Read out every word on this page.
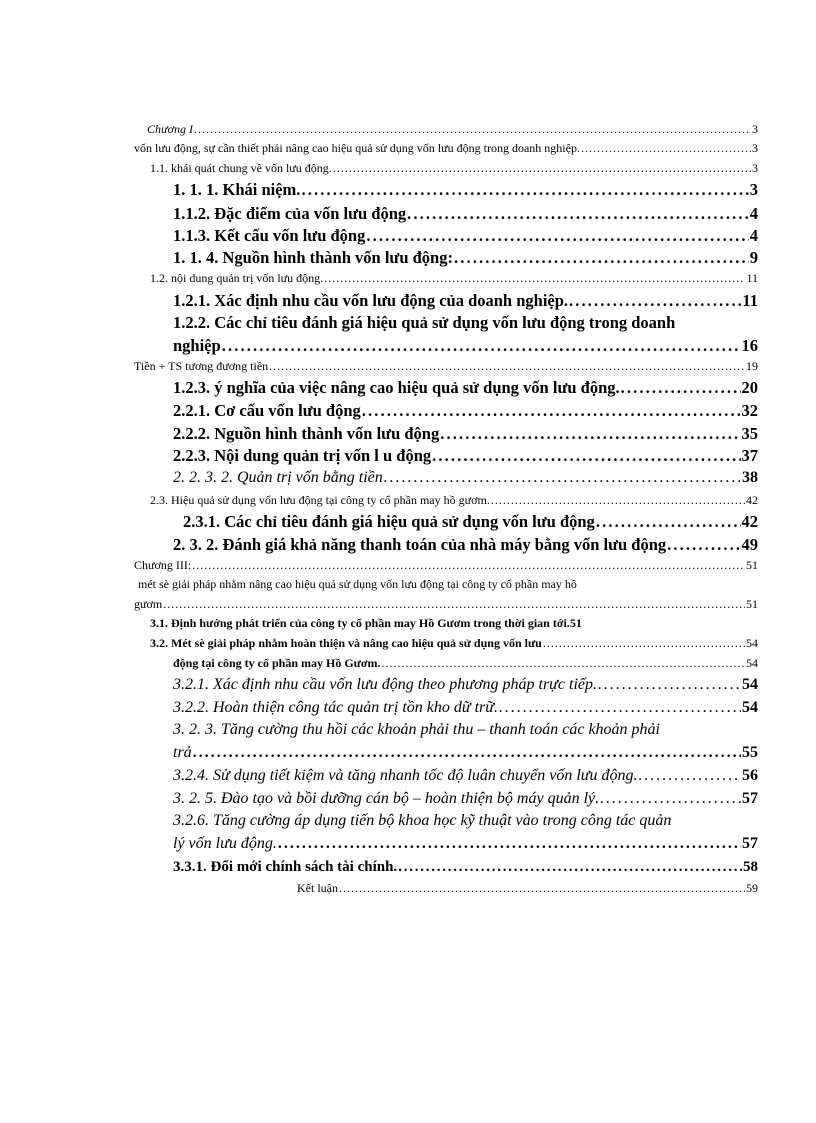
Chương I . . .	3
vốn lưu động, sự cần thiết phải nâng cao hiệu quả sử dụng vốn lưu động trong doanh nghiệp. . . .	3
1.1. khái quát chung về vốn lưu động. . . .	3
1. 1. 1. Khái niệm. . . .	3
1.1.2. Đặc điểm của vốn lưu động . . .	4
1.1.3. Kết cấu vốn lưu động . . .	4
1. 1. 4. Nguồn hình thành vốn lưu động: . . .	9
1.2. nội dung quản trị vốn lưu động. . . .	11
1.2.1. Xác định nhu cầu vốn lưu động của doanh nghiệp. . . .	11
1.2.2. Các chỉ tiêu đánh giá hiệu quả sử dụng vốn lưu động trong doanh
nghiệp . . .	16
Tiền + TS tương đương tiền . . .	19
1.2.3. ý nghĩa của việc nâng cao hiệu quả sử dụng vốn lưu động. . . .	20
2.2.1. Cơ cấu vốn lưu động . . .	32
2.2.2. Nguồn hình thành vốn lưu động . . .	35
2.2.3. Nội dung quản trị vốn l u động . . .	37
2. 2. 3. 2. Quản trị vốn bằng tiền . . .	38
2.3. Hiệu quả sử dụng vốn lưu động tại công ty cổ phần may hồ gươm. . . .	42
2.3.1. Các chỉ tiêu đánh giá hiệu quả sử dụng vốn lưu động . . .	42
2. 3. 2. Đánh giá khả năng thanh toán của nhà máy bằng vốn lưu động . . .	49
Chương III: . . .	51
mét sè giải pháp nhằm nâng cao hiệu quả sử dụng vốn lưu động tại công ty cổ phần may hồ
gươm . . .	51
3.1. Định hướng phát triển của công ty cổ phần may Hồ Gươm trong thời gian tới. 51
3.2. Mét sè giải pháp nhằm hoàn thiện và nâng cao hiệu quả sử dụng vốn lưu . . .	54
động tại công ty cổ phần may Hồ Gươm. . . .	54
3.2.1. Xác định nhu cầu vốn lưu động theo phương pháp trực tiếp. . . .	54
3.2.2. Hoàn thiện công tác quản trị tồn kho dữ trữ. . . .	54
3. 2. 3. Tăng cường thu hồi các khoản phải thu – thanh toán các khoản phải
trả . . .	55
3.2.4. Sử dụng tiết kiệm và tăng nhanh tốc độ luân chuyển vốn lưu động. . . .	56
3. 2. 5. Đào tạo và bồi dưỡng cán bộ – hoàn thiện bộ máy quản lý. . . .	57
3.2.6. Tăng cường áp dụng tiến bộ khoa học kỹ thuật vào trong công tác quản
lý vốn lưu động. . . .	57
3.3.1. Đổi mới chính sách tài chính. . . .	58
Kết luận . . .	59
